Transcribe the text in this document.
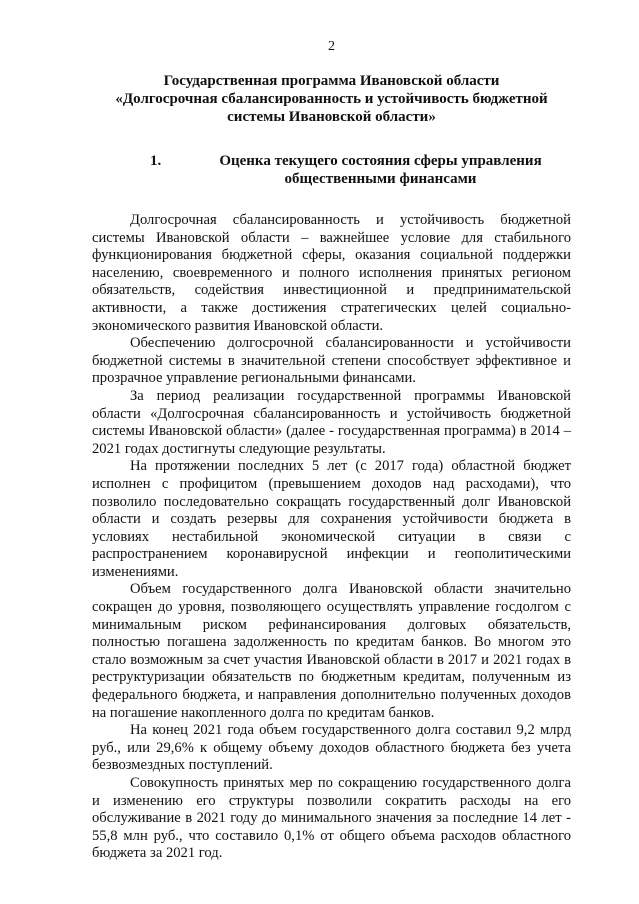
2

Государственная программа Ивановской области

«Долгосрочная сбалансированность и устойчивость бюджетной

системы Ивановской области»

1.	Оценка текущего состояния сферы управления
общественными финансами

Долгосрочная сбалансированность и устойчивость бюджетной системы Ивановской области – важнейшее условие для стабильного функционирования бюджетной сферы, оказания социальной поддержки населению, своевременного и полного исполнения принятых регионом обязательств, содействия инвестиционной и предпринимательской активности, а также достижения стратегических целей социально-экономического развития Ивановской области.

Обеспечению долгосрочной сбалансированности и устойчивости бюджетной системы в значительной степени способствует эффективное и прозрачное управление региональными финансами.

За период реализации государственной программы Ивановской области «Долгосрочная сбалансированность и устойчивость бюджетной системы Ивановской области» (далее - государственная программа) в 2014 – 2021 годах достигнуты следующие результаты.

На протяжении последних 5 лет (с 2017 года) областной бюджет исполнен с профицитом (превышением доходов над расходами), что позволило последовательно сокращать государственный долг Ивановской области и создать резервы для сохранения устойчивости бюджета в условиях нестабильной экономической ситуации в связи с распространением коронавирусной инфекции и геополитическими изменениями.

Объем государственного долга Ивановской области значительно сокращен до уровня, позволяющего осуществлять управление госдолгом с минимальным риском рефинансирования долговых обязательств, полностью погашена задолженность по кредитам банков. Во многом это стало возможным за счет участия Ивановской области в 2017 и 2021 годах в реструктуризации обязательств по бюджетным кредитам, полученным из федерального бюджета, и направления дополнительно полученных доходов на погашение накопленного долга по кредитам банков.

На конец 2021 года объем государственного долга составил 9,2 млрд руб., или 29,6% к общему объему доходов областного бюджета без учета безвозмездных поступлений.

Совокупность принятых мер по сокращению государственного долга и изменению его структуры позволили сократить расходы на его обслуживание в 2021 году до минимального значения за последние 14 лет - 55,8 млн руб., что составило 0,1% от общего объема расходов областного бюджета за 2021 год.
